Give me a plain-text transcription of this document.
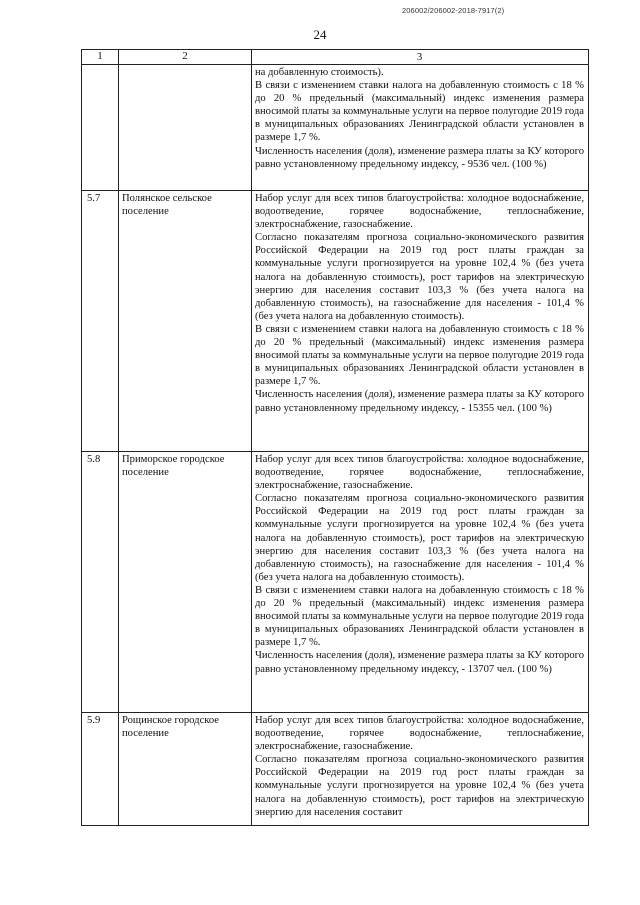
206002/206002-2018-7917(2)
24
1	2	3

		на добавленную стоимость).

В связи с изменением ставки налога на добавленную стоимость с 18 % до 20 % предельный (максимальный) индекс изменения размера вносимой платы за коммунальные услуги на первое полугодие 2019 года в муниципальных образованиях Ленинградской области установлен в размере 1,7 %.

Численность населения (доля), изменение размера платы за КУ которого равно установленному предельному индексу, - 9536 чел. (100 %)

5.7	Полянское сельское поселение	Набор услуг для всех типов благоустройства: холодное водоснабжение, водоотведение, горячее водоснабжение, теплоснабжение, электроснабжение, газоснабжение.

Согласно показателям прогноза социально-экономического развития Российской Федерации на 2019 год рост платы граждан за коммунальные услуги прогнозируется на уровне 102,4 % (без учета налога на добавленную стоимость), рост тарифов на электрическую энергию для населения составит 103,3 % (без учета налога на добавленную стоимость), на газоснабжение для населения - 101,4 % (без учета налога на добавленную стоимость).

В связи с изменением ставки налога на добавленную стоимость с 18 % до 20 % предельный (максимальный) индекс изменения размера вносимой платы за коммунальные услуги на первое полугодие 2019 года в муниципальных образованиях Ленинградской области установлен в размере 1,7 %.

Численность населения (доля), изменение размера платы за КУ которого равно установленному предельному индексу, - 15355 чел. (100 %)

5.8	Приморское городское поселение	Набор услуг для всех типов благоустройства: холодное водоснабжение, водоотведение, горячее водоснабжение, теплоснабжение, электроснабжение, газоснабжение.

Согласно показателям прогноза социально-экономического развития Российской Федерации на 2019 год рост платы граждан за коммунальные услуги прогнозируется на уровне 102,4 % (без учета налога на добавленную стоимость), рост тарифов на электрическую энергию для населения составит 103,3 % (без учета налога на добавленную стоимость), на газоснабжение для населения - 101,4 % (без учета налога на добавленную стоимость).

В связи с изменением ставки налога на добавленную стоимость с 18 % до 20 % предельный (максимальный) индекс изменения размера вносимой платы за коммунальные услуги на первое полугодие 2019 года в муниципальных образованиях Ленинградской области установлен в размере 1,7 %.

Численность населения (доля), изменение размера платы за КУ которого равно установленному предельному индексу, - 13707 чел. (100 %)

5.9	Рощинское городское поселение	Набор услуг для всех типов благоустройства: холодное водоснабжение, водоотведение, горячее водоснабжение, теплоснабжение, электроснабжение, газоснабжение.

Согласно показателям прогноза социально-экономического развития Российской Федерации на 2019 год рост платы граждан за коммунальные услуги прогнозируется на уровне 102,4 % (без учета налога на добавленную стоимость), рост тарифов на электрическую энергию для населения составит
